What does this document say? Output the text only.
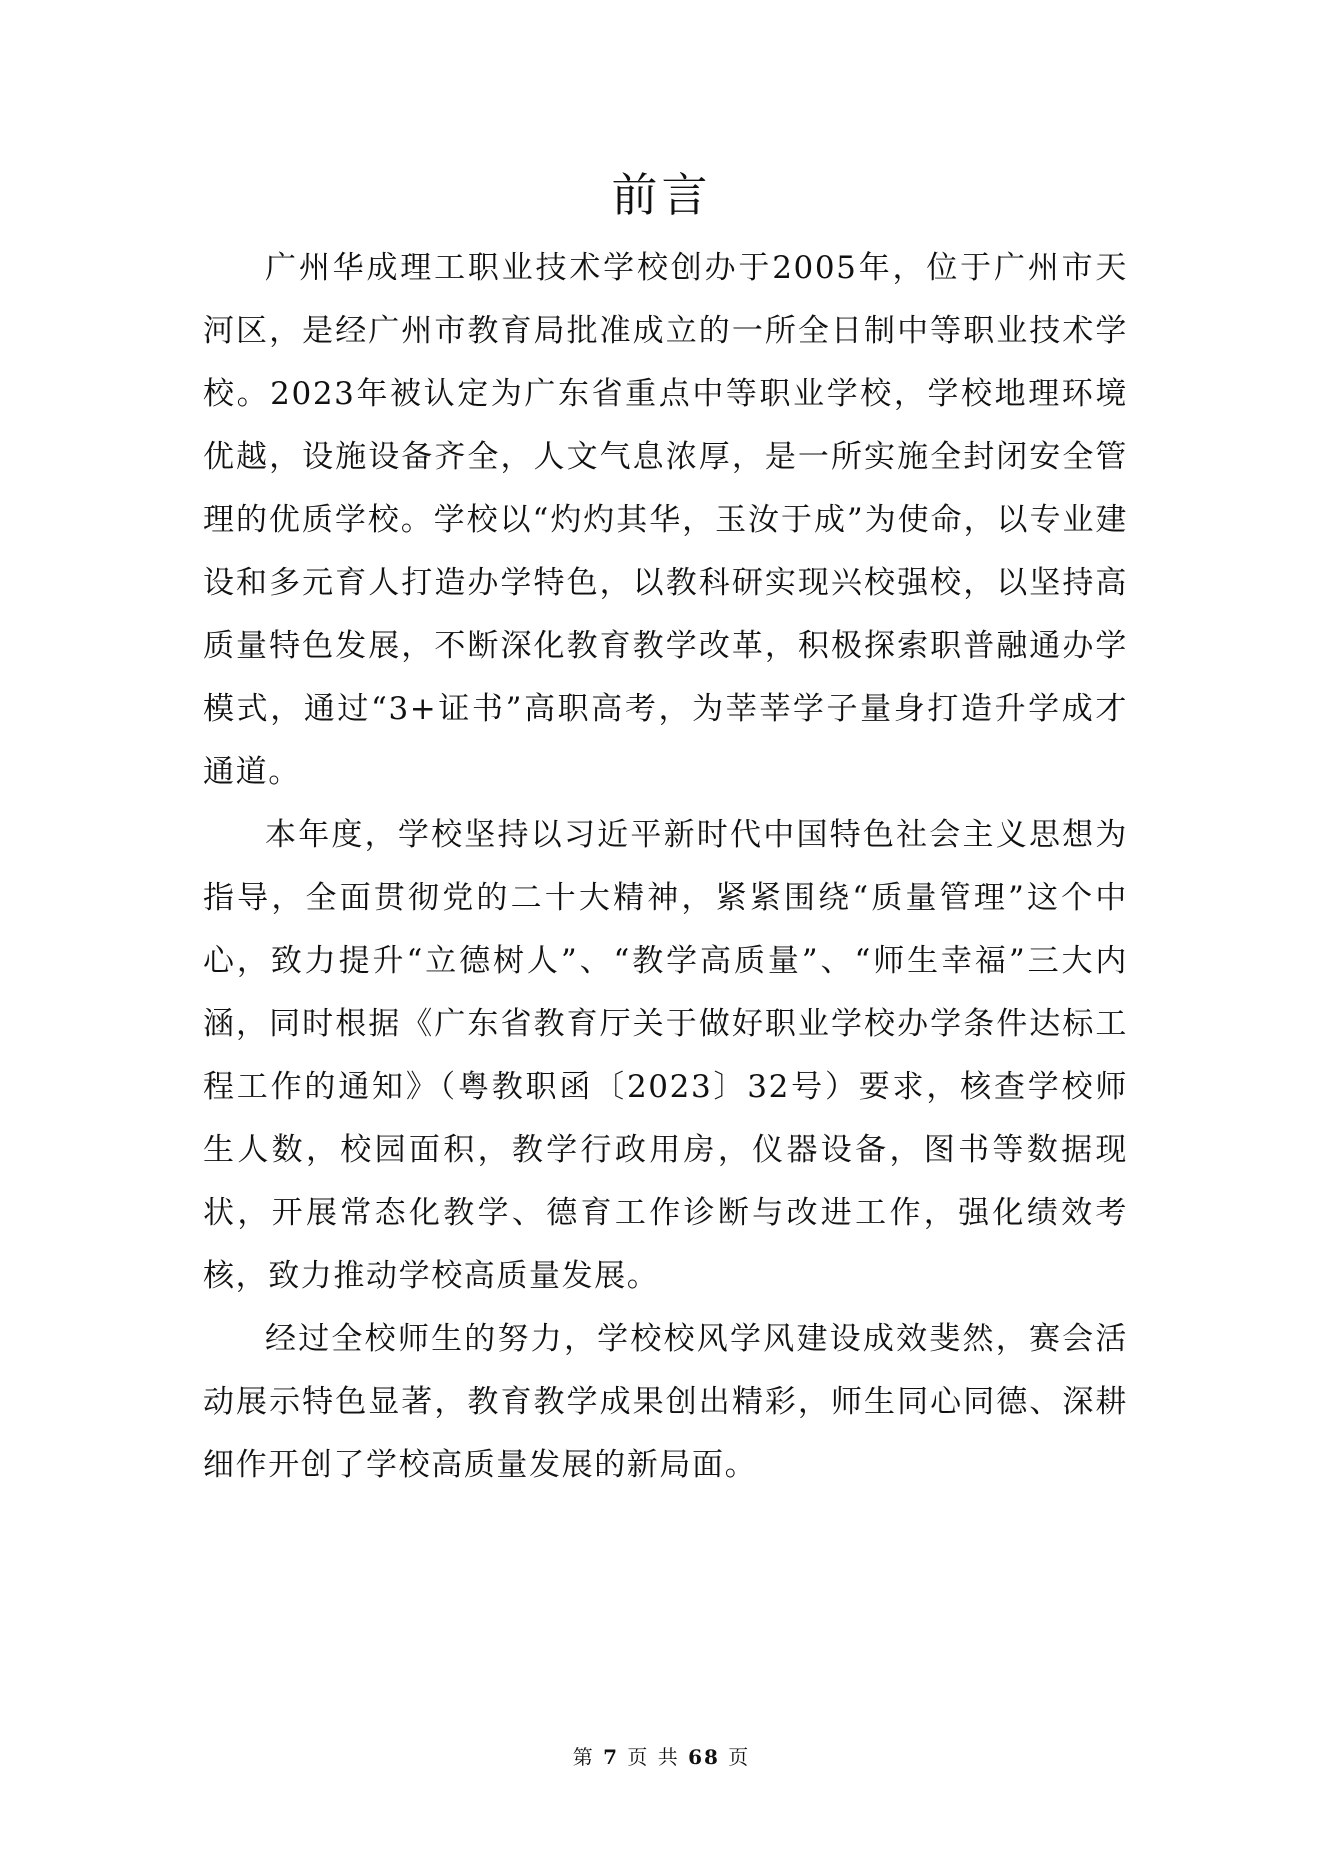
前言

广州华成理工职业技术学校创办于2005年，位于广州市天河区，是经广州市教育局批准成立的一所全日制中等职业技术学校。2023年被认定为广东省重点中等职业学校，学校地理环境优越，设施设备齐全，人文气息浓厚，是一所实施全封闭安全管理的优质学校。学校以“灼灼其华，玉汝于成”为使命，以专业建设和多元育人打造办学特色，以教科研实现兴校强校，以坚持高质量特色发展，不断深化教育教学改革，积极探索职普融通办学模式，通过“3+证书”高职高考，为莘莘学子量身打造升学成才通道。

本年度，学校坚持以习近平新时代中国特色社会主义思想为指导，全面贯彻党的二十大精神，紧紧围绕“质量管理”这个中心，致力提升“立德树人”、“教学高质量”、“师生幸福”三大内涵，同时根据《广东省教育厅关于做好职业学校办学条件达标工程工作的通知》（粤教职函〔2023〕32号）要求，核查学校师生人数，校园面积，教学行政用房，仪器设备，图书等数据现状，开展常态化教学、德育工作诊断与改进工作，强化绩效考核，致力推动学校高质量发展。

经过全校师生的努力，学校校风学风建设成效斐然，赛会活动展示特色显著，教育教学成果创出精彩，师生同心同德、深耕细作开创了学校高质量发展的新局面。

第 7 页 共 68 页
